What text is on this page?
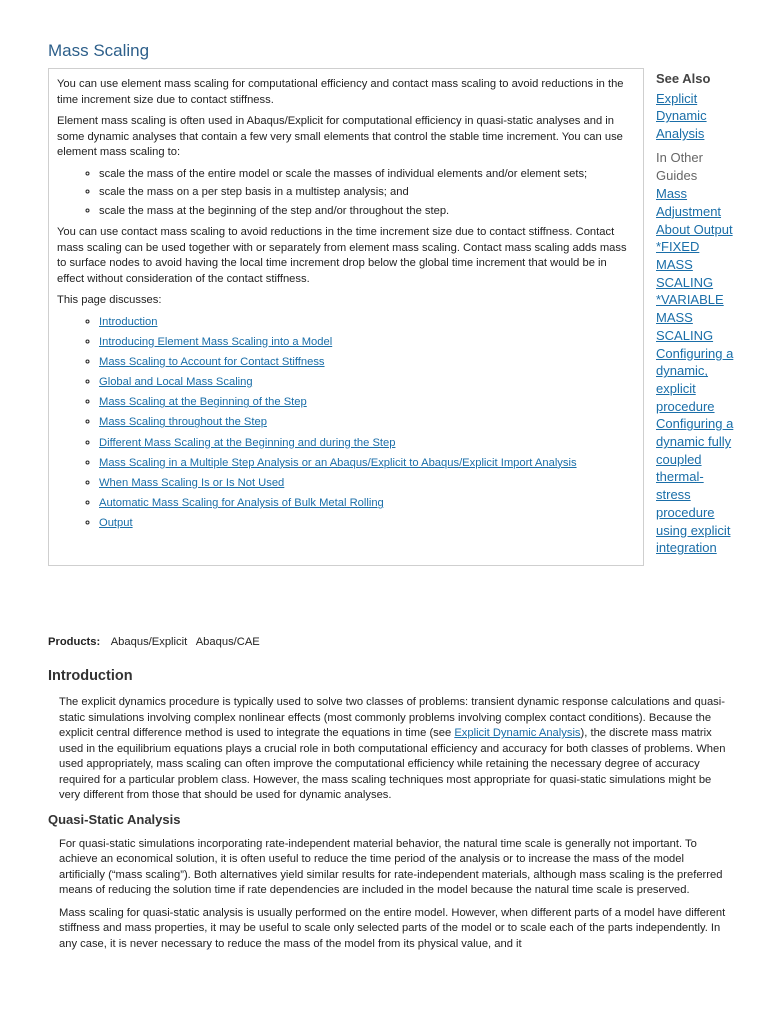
Mass Scaling

You can use element mass scaling for computational efficiency and contact mass scaling to avoid reductions in the time increment size due to contact stiffness.

Element mass scaling is often used in Abaqus/Explicit for computational efficiency in quasi-static analyses and in some dynamic analyses that contain a few very small elements that control the stable time increment. You can use element mass scaling to:

◦ scale the mass of the entire model or scale the masses of individual elements and/or element sets;
◦ scale the mass on a per step basis in a multistep analysis; and
◦ scale the mass at the beginning of the step and/or throughout the step.

You can use contact mass scaling to avoid reductions in the time increment size due to contact stiffness. Contact mass scaling can be used together with or separately from element mass scaling. Contact mass scaling adds mass to surface nodes to avoid having the local time increment drop below the global time increment that would be in effect without consideration of the contact stiffness.

This page discusses:

◦ Introduction
◦ Introducing Element Mass Scaling into a Model
◦ Mass Scaling to Account for Contact Stiffness
◦ Global and Local Mass Scaling
◦ Mass Scaling at the Beginning of the Step
◦ Mass Scaling throughout the Step
◦ Different Mass Scaling at the Beginning and during the Step
◦ Mass Scaling in a Multiple Step Analysis or an Abaqus/Explicit to Abaqus/Explicit Import Analysis
◦ When Mass Scaling Is or Is Not Used
◦ Automatic Mass Scaling for Analysis of Bulk Metal Rolling
◦ Output
See Also
Explicit Dynamic Analysis
In Other Guides
Mass Adjustment
About Output
*FIXED MASS SCALING
*VARIABLE MASS SCALING
Configuring a dynamic, explicit procedure
Configuring a dynamic fully coupled thermal-stress procedure using explicit integration
Products: Abaqus/Explicit Abaqus/CAE
Introduction

The explicit dynamics procedure is typically used to solve two classes of problems: transient dynamic response calculations and quasi-static simulations involving complex nonlinear effects (most commonly problems involving complex contact conditions). Because the explicit central difference method is used to integrate the equations in time (see Explicit Dynamic Analysis), the discrete mass matrix used in the equilibrium equations plays a crucial role in both computational efficiency and accuracy for both classes of problems. When used appropriately, mass scaling can often improve the computational efficiency while retaining the necessary degree of accuracy required for a particular problem class. However, the mass scaling techniques most appropriate for quasi-static simulations might be very different from those that should be used for dynamic analyses.

Quasi-Static Analysis

For quasi-static simulations incorporating rate-independent material behavior, the natural time scale is generally not important. To achieve an economical solution, it is often useful to reduce the time period of the analysis or to increase the mass of the model artificially (“mass scaling”). Both alternatives yield similar results for rate-independent materials, although mass scaling is the preferred means of reducing the solution time if rate dependencies are included in the model because the natural time scale is preserved.

Mass scaling for quasi-static analysis is usually performed on the entire model. However, when different parts of a model have different stiffness and mass properties, it may be useful to scale only selected parts of the model or to scale each of the parts independently. In any case, it is never necessary to reduce the mass of the model from its physical value, and it
